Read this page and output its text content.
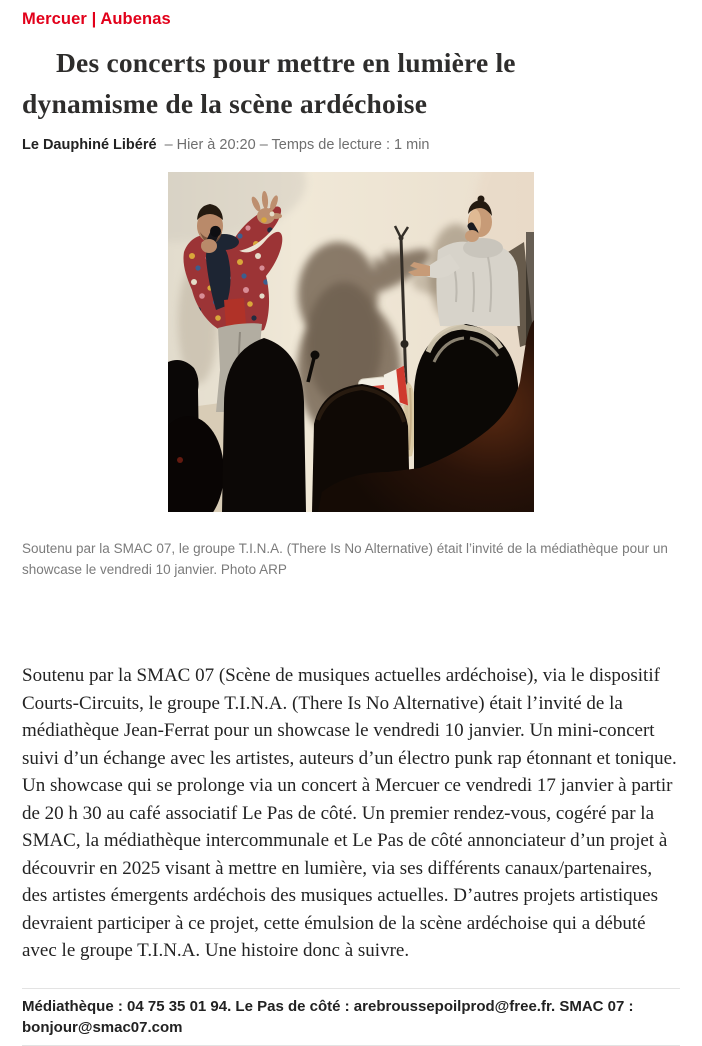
Mercuer | Aubenas
Des concerts pour mettre en lumière le dynamisme de la scène ardéchoise
Le Dauphiné Libéré – Hier à 20:20 – Temps de lecture : 1 min
Soutenu par la SMAC 07, le groupe T.I.N.A. (There Is No Alternative) était l’invité de la médiathèque pour un showcase le vendredi 10 janvier. Photo ARP

Soutenu par la SMAC 07 (Scène de musiques actuelles ardéchoise), via le dispositif Courts-Circuits, le groupe T.I.N.A. (There Is No Alternative) était l’invité de la médiathèque Jean-Ferrat pour un showcase le vendredi 10 janvier. Un mini-concert suivi d’un échange avec les artistes, auteurs d’un électro punk rap étonnant et tonique. Un showcase qui se prolonge via un concert à Mercuer ce vendredi 17 janvier à partir de 20 h 30 au café associatif Le Pas de côté. Un premier rendez-vous, cogéré par la SMAC, la médiathèque intercommunale et Le Pas de côté annonciateur d’un projet à découvrir en 2025 visant à mettre en lumière, via ses différents canaux/partenaires, des artistes émergents ardéchois des musiques actuelles. D’autres projets artistiques devraient participer à ce projet, cette émulsion de la scène ardéchoise qui a débuté avec le groupe T.I.N.A. Une histoire donc à suivre.

Médiathèque : 04 75 35 01 94. Le Pas de côté : arebroussepoilprod@free.fr. SMAC 07 :
bonjour@smac07.com
